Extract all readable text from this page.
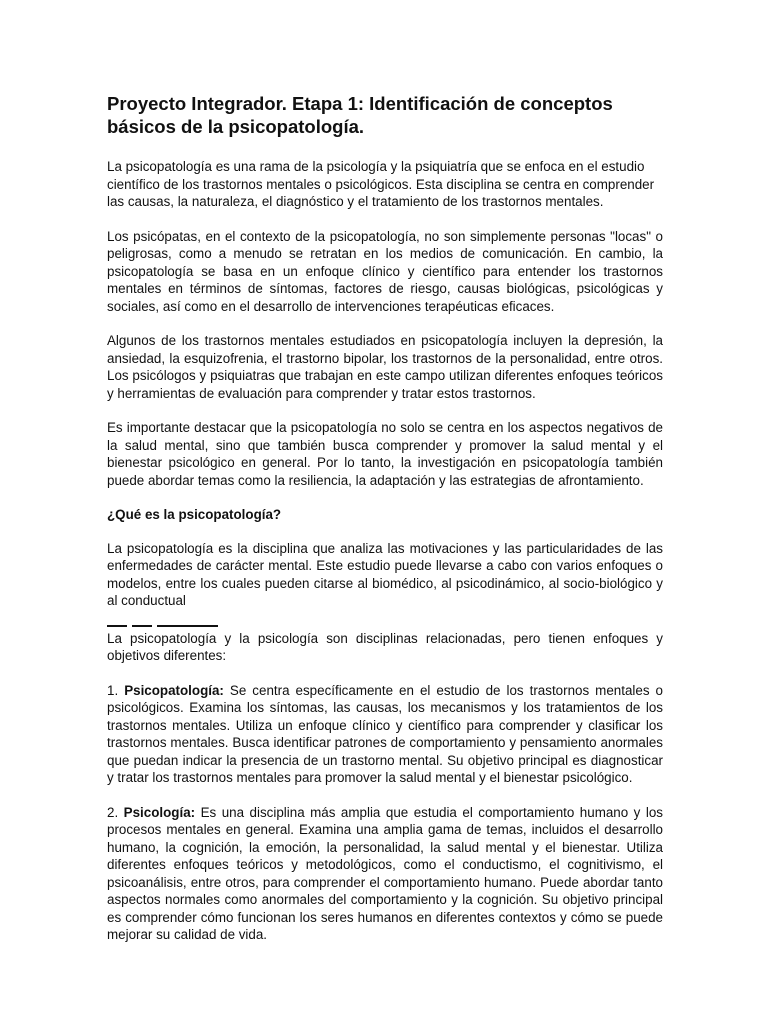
Proyecto Integrador. Etapa 1: Identificación de conceptos básicos de la psicopatología.

La psicopatología es una rama de la psicología y la psiquiatría que se enfoca en el estudio científico de los trastornos mentales o psicológicos. Esta disciplina se centra en comprender las causas, la naturaleza, el diagnóstico y el tratamiento de los trastornos mentales.

Los psicópatas, en el contexto de la psicopatología, no son simplemente personas "locas" o peligrosas, como a menudo se retratan en los medios de comunicación. En cambio, la psicopatología se basa en un enfoque clínico y científico para entender los trastornos mentales en términos de síntomas, factores de riesgo, causas biológicas, psicológicas y sociales, así como en el desarrollo de intervenciones terapéuticas eficaces.

Algunos de los trastornos mentales estudiados en psicopatología incluyen la depresión, la ansiedad, la esquizofrenia, el trastorno bipolar, los trastornos de la personalidad, entre otros. Los psicólogos y psiquiatras que trabajan en este campo utilizan diferentes enfoques teóricos y herramientas de evaluación para comprender y tratar estos trastornos.

Es importante destacar que la psicopatología no solo se centra en los aspectos negativos de la salud mental, sino que también busca comprender y promover la salud mental y el bienestar psicológico en general. Por lo tanto, la investigación en psicopatología también puede abordar temas como la resiliencia, la adaptación y las estrategias de afrontamiento.

¿Qué es la psicopatología?

La psicopatología es la disciplina que analiza las motivaciones y las particularidades de las enfermedades de carácter mental. Este estudio puede llevarse a cabo con varios enfoques o modelos, entre los cuales pueden citarse al biomédico, al psicodinámico, al socio-biológico y al conductual

La psicopatología y la psicología son disciplinas relacionadas, pero tienen enfoques y objetivos diferentes:

1. Psicopatología: Se centra específicamente en el estudio de los trastornos mentales o psicológicos. Examina los síntomas, las causas, los mecanismos y los tratamientos de los trastornos mentales. Utiliza un enfoque clínico y científico para comprender y clasificar los trastornos mentales. Busca identificar patrones de comportamiento y pensamiento anormales que puedan indicar la presencia de un trastorno mental. Su objetivo principal es diagnosticar y tratar los trastornos mentales para promover la salud mental y el bienestar psicológico.

2. Psicología: Es una disciplina más amplia que estudia el comportamiento humano y los procesos mentales en general. Examina una amplia gama de temas, incluidos el desarrollo humano, la cognición, la emoción, la personalidad, la salud mental y el bienestar. Utiliza diferentes enfoques teóricos y metodológicos, como el conductismo, el cognitivismo, el psicoanálisis, entre otros, para comprender el comportamiento humano. Puede abordar tanto aspectos normales como anormales del comportamiento y la cognición. Su objetivo principal es comprender cómo funcionan los seres humanos en diferentes contextos y cómo se puede mejorar su calidad de vida.
